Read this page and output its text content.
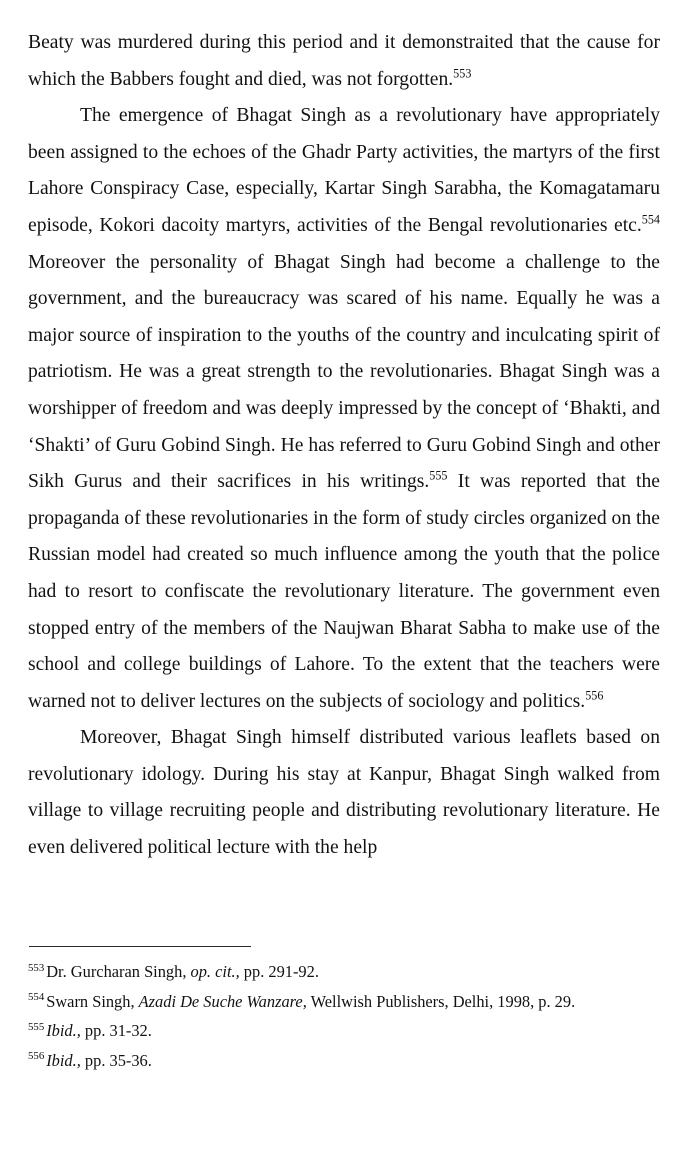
Beaty was murdered during this period and it demonstraited that the cause for which the Babbers fought and died, was not forgotten.$^{553}$

The emergence of Bhagat Singh as a revolutionary have appropriately been assigned to the echoes of the Ghadr Party activities, the martyrs of the first Lahore Conspiracy Case, especially, Kartar Singh Sarabha, the Komagatamaru episode, Kokori dacoity martyrs, activities of the Bengal revolutionaries etc.$^{554}$ Moreover the personality of Bhagat Singh had become a challenge to the government, and the bureaucracy was scared of his name. Equally he was a major source of inspiration to the youths of the country and inculcating spirit of patriotism. He was a great strength to the revolutionaries. Bhagat Singh was a worshipper of freedom and was deeply impressed by the concept of ‘Bhakti, and ‘Shakti’ of Guru Gobind Singh. He has referred to Guru Gobind Singh and other Sikh Gurus and their sacrifices in his writings.$^{555}$ It was reported that the propaganda of these revolutionaries in the form of study circles organized on the Russian model had created so much influence among the youth that the police had to resort to confiscate the revolutionary literature. The government even stopped entry of the members of the Naujwan Bharat Sabha to make use of the school and college buildings of Lahore. To the extent that the teachers were warned not to deliver lectures on the subjects of sociology and politics.$^{556}$

Moreover, Bhagat Singh himself distributed various leaflets based on revolutionary idology. During his stay at Kanpur, Bhagat Singh walked from village to village recruiting people and distributing revolutionary literature. He even delivered political lecture with the help

$^{553}$ Dr. Gurcharan Singh, op. cit., pp. 291-92.

$^{554}$ Swarn Singh, Azadi De Suche Wanzare, Wellwish Publishers, Delhi, 1998, p. 29.

$^{555}$ Ibid., pp. 31-32.

$^{556}$ Ibid., pp. 35-36.
